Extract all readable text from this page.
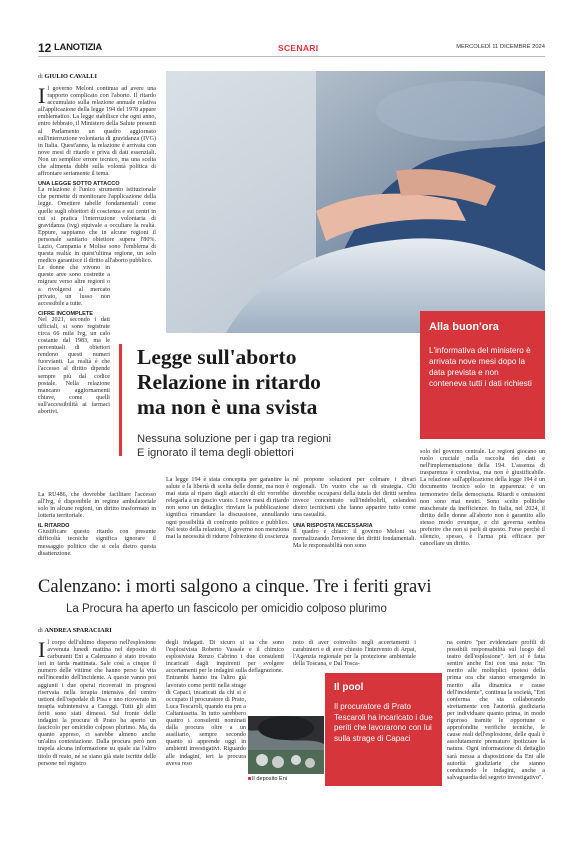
12 LANOTIZIA	SCENARI	MERCOLEDÌ 11 DICEMBRE 2024
di GIULIO CAVALLI
I l governo Meloni continua ad avere una rapporto complicato con l'aborto. Il ritardo accumulato sulla relazione annuale relativa all'applicazione della legge 194 del 1978 appare emblematico. La legge stabilisce che ogni anno, entro febbraio, il Ministero della Salute presenti al Parlamento un quadro aggiornato sull'interruzione volontaria di gravidanza (IVG) in Italia. Quest'anno, la relazione è arrivata con nove mesi di ritardo e priva di dati essenziali. Non un semplice errore tecnico, ma una scelta che alimenta dubbi sulla volontà politica di affrontare seriamente il tema.
UNA LEGGE SOTTO ATTACCO
La relazione è l'unico strumento istituzionale che permette di monitorare l'applicazione della legge. Omettere tabelle fondamentali come quelle sugli obiettori di coscienza e sui centri in cui si pratica l'interruzione volontaria di gravidanza (ivg) equivale a occultare la realtà. Eppure, sappiamo che in alcune regioni il personale sanitario obiettore supera l'80%. Lazio, Campania e Molise sono l'emblema di questa realtà: in quest'ultima regione, un solo medico garantisce il diritto all'aborto pubblico.
Le donne che vivono in queste aree sono costrette a migrare verso altre regioni o a rivolgersi al mercato privato, un lusso non accessibile a tutte.
CIFRE INCOMPLETE
Nel 2021, secondo i dati ufficiali, si sono registrate circa 66 mila Ivg, un calo costante dal 1983, ma le percentuali di obiettori rendono questi numeri fuorvianti. La realtà è che l'accesso al diritto dipende sempre più dal codice postale. Nella relazione mancano aggiornamenti chiave, come quelli sull'accessibilità ai farmaci abortivi.
La RU486, che dovrebbe facilitare l'accesso all'Ivg, è disponibile in regime ambulatoriale solo in alcune regioni, un diritto trasformato in lotteria territoriale.
IL RITARDO
Giustificare questo ritardo con presunte difficoltà tecniche significa ignorare il messaggio politico che si cela dietro questa disattenzione.
Alla buon'ora
L'informativa del ministero è arrivata nove mesi dopo la data prevista e non conteneva tutti i dati richiesti
Legge sull'aborto
Relazione in ritardo
ma non è una svista
Nessuna soluzione per i gap tra regioni
E ignorato il tema degli obiettori
La legge 194 è stata concepita per garantire la salute e la libertà di scelta delle donne, ma non è mai stata al riparo dagli attacchi di chi vorrebbe relegarla a un guscio vuoto. I nove mesi di ritardo non sono un dettaglio: rinviare la pubblicazione significa rimandare la discussione, annullando ogni possibilità di confronto politico e pubblico. Nel testo della relazione, il governo non menziona mai la necessità di ridurre l'obiezione di coscienza
né propone soluzioni per colmare i divari regionali. Un vuoto che sa di strategia. Chi dovrebbe occuparsi della tutela dei diritti sembra invece concentrato sull'indebolirli, celandosi dietro tecnicismi che fanno apparire tutto come una casualità.
UNA RISPOSTA NECESSARIA
Il quadro è chiaro: il governo Meloni sta normalizzando l'erosione dei diritti fondamentali. Ma le responsabilità non sono
solo del governo centrale. Le regioni giocano un ruolo cruciale nella raccolta dei dati e nell'implementazione della 194. L'assenza di trasparenza è condivisa, ma non è giustificabile. La relazione sull'applicazione della legge 194 è un documento tecnico solo in apparenza: è un termometro della democrazia. Ritardi e omissioni non sono mai neutri. Sono scelte politiche mascherate da inefficienze. In Italia, nel 2024, il diritto delle donne all'aborto non è garantito allo stesso modo ovunque, e chi governa sembra preferire che non si parli di questo. Forse perché il silenzio, spesso, è l'arma più efficace per cancellare un diritto.
Calenzano: i morti salgono a cinque. Tre i feriti gravi
La Procura ha aperto un fascicolo per omicidio colposo plurimo
di ANDREA SPARACIARI
I l corpo dell'ultimo disperso nell'esplosione avvenuta lunedì mattina nel deposito di carburanti Eni a Calenzano è stato trovato ieri in tarda mattinata. Sale così a cinque il numero delle vittime che hanno perso la vita nell'incendio dell'incidente. A queste vanno poi aggiunti i due operai ricoverati in prognosi riservata nella terapia intensiva del centro ustioni dell'ospedale di Pisa e uno ricoverato in terapia subintensiva a Careggi. Tutti gli altri feriti sono stati dimessi. Sul fronte delle indagini la procura di Prato ha aperto un fascicolo per omicidio colposo plurimo. Ma, da quanto appreso, ci sarebbe almeno anche un'altra contestazione. Dalla procura però non trapela alcuna informazione su quale sia l'altro titolo di reato, né se siano già state iscritte delle persone nel registro
degli indagati. Di sicuro si sa che sono l'esplosivista Roberto Vassale e il chimico esplosivista Renzo Cabrino i due consulenti incaricati dagli inquirenti per svolgere accertamenti per le indagini sulla deflagrazione.
Entrambi hanno tra l'altro già lavorato come periti nella strage di Capaci, incaricati da chi si è occupato il procuratore di Prato, Luca Tescaroli, quando era pm a Caltanissetta. In tutto sarebbero quattro i consulenti nominati dalla procura oltre a un ausiliario, sempre secondo quanto si apprende oggi in ambienti investigativi. Riguardo alle indagini, ieri la procura aveva reso
Il deposito Eni
noto di aver coinvolto negli accertamenti i carabinieri e di aver chiesto l'intervento di Arpat, l'Agenzia regionale per la protezione ambientale della Toscana, e Dal Tosca-
Il pool
Il procuratore di Prato Tescaroli ha incaricato i due periti che lavorarono con lui sulla strage di Capaci
na centro "per evidenziare profili di possibili responsabilità sul luogo del teatro dell'esplosione". Ieri si è fatta sentire anche Eni con una nota: "In merito alle molteplici ipotesi della prima ora che stanno emergendo in merito alla dinamica e cause dell'incidente", continua la società, "Eni conferma che sta collaborando strettamente con l'autorità giudiziaria per individuare quanto prima, in modo rigoroso tramite le opportune e approfondite verifiche tecniche, le cause reali dell'esplosione, delle quali è assolutamente prematuro ipotizzare la natura. Ogni informazione di dettaglio sarà messa a disposizione da Eni alle autorità giudiziarie che stanno conducendo le indagini, anche a salvaguardia del segreto investigativo".
